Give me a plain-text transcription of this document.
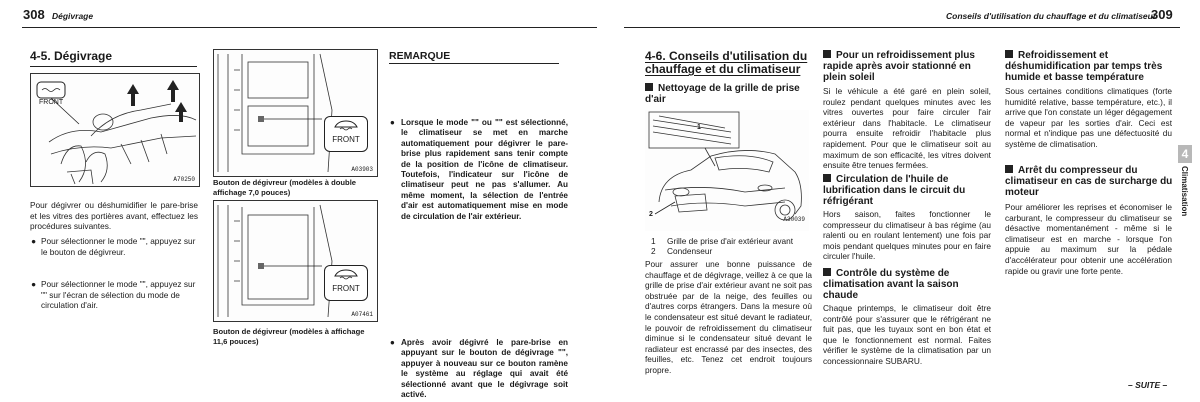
308 Dégivrage
4-5. Dégivrage
FRONT
A70250
Pour dégivrer ou déshumidifier le pare-brise et les vitres des portières avant, effectuez les procédures suivantes.
● Pour sélectionner le mode "", appuyez sur le bouton de dégivreur.
● Pour sélectionner le mode "", appuyez sur "" sur l'écran de sélection du mode de circulation d'air.
FRONT
A03903
Bouton de dégivreur (modèles à double affichage 7,0 pouces)
FRONT
A07461
Bouton de dégivreur (modèles à affichage 11,6 pouces)
REMARQUE
● Lorsque le mode "" ou "" est sélectionné, le climatiseur se met en marche automatiquement pour dégivrer le pare-brise plus rapidement sans tenir compte de la position de l'icône de climatiseur. Toutefois, l'indicateur sur l'icône de climatiseur peut ne pas s'allumer. Au même moment, la sélection de l'entrée d'air est automatiquement mise en mode de circulation de l'air extérieur.
● Après avoir dégivré le pare-brise en appuyant sur le bouton de dégivrage "", appuyer à nouveau sur ce bouton ramène le système au réglage qui avait été sélectionné avant que le dégivrage soit activé.
Conseils d'utilisation du chauffage et du climatiseur
309
4-6. Conseils d'utilisation du chauffage et du climatiseur
Nettoyage de la grille de prise d'air
1
2
A30039
1 Grille de prise d'air extérieur avant
2 Condenseur
Pour assurer une bonne puissance de chauffage et de dégivrage, veillez à ce que la grille de prise d'air extérieur avant ne soit pas obstruée par de la neige, des feuilles ou d'autres corps étrangers. Dans la mesure où le condensateur est situé devant le radiateur, le pouvoir de refroidissement du climatiseur diminue si le condensateur situé devant le radiateur est encrassé par des insectes, des feuilles, etc. Tenez cet endroit toujours propre.
Pour un refroidissement plus rapide après avoir stationné en plein soleil
Si le véhicule a été garé en plein soleil, roulez pendant quelques minutes avec les vitres ouvertes pour faire circuler l'air extérieur dans l'habitacle. Le climatiseur pourra ensuite refroidir l'habitacle plus rapidement. Pour que le climatiseur soit au maximum de son efficacité, les vitres doivent ensuite être tenues fermées.
Circulation de l'huile de lubrification dans le circuit du réfrigérant
Hors saison, faites fonctionner le compresseur du climatiseur à bas régime (au ralenti ou en roulant lentement) une fois par mois pendant quelques minutes pour en faire circuler l'huile.
Contrôle du système de climatisation avant la saison chaude
Chaque printemps, le climatiseur doit être contrôlé pour s'assurer que le réfrigérant ne fuit pas, que les tuyaux sont en bon état et que le fonctionnement est normal. Faites vérifier le système de la climatisation par un concessionnaire SUBARU.
Refroidissement et déshumidification par temps très humide et basse température
Sous certaines conditions climatiques (forte humidité relative, basse température, etc.), il arrive que l'on constate un léger dégagement de vapeur par les sorties d'air. Ceci est normal et n'indique pas une défectuosité du système de climatisation.
Arrêt du compresseur du climatiseur en cas de surcharge du moteur
Pour améliorer les reprises et économiser le carburant, le compresseur du climatiseur se désactive momentanément - même si le climatiseur est en marche - lorsque l'on appuie au maximum sur la pédale d'accélérateur pour obtenir une accélération rapide ou gravir une forte pente.
4
Climatisation
– SUITE –
